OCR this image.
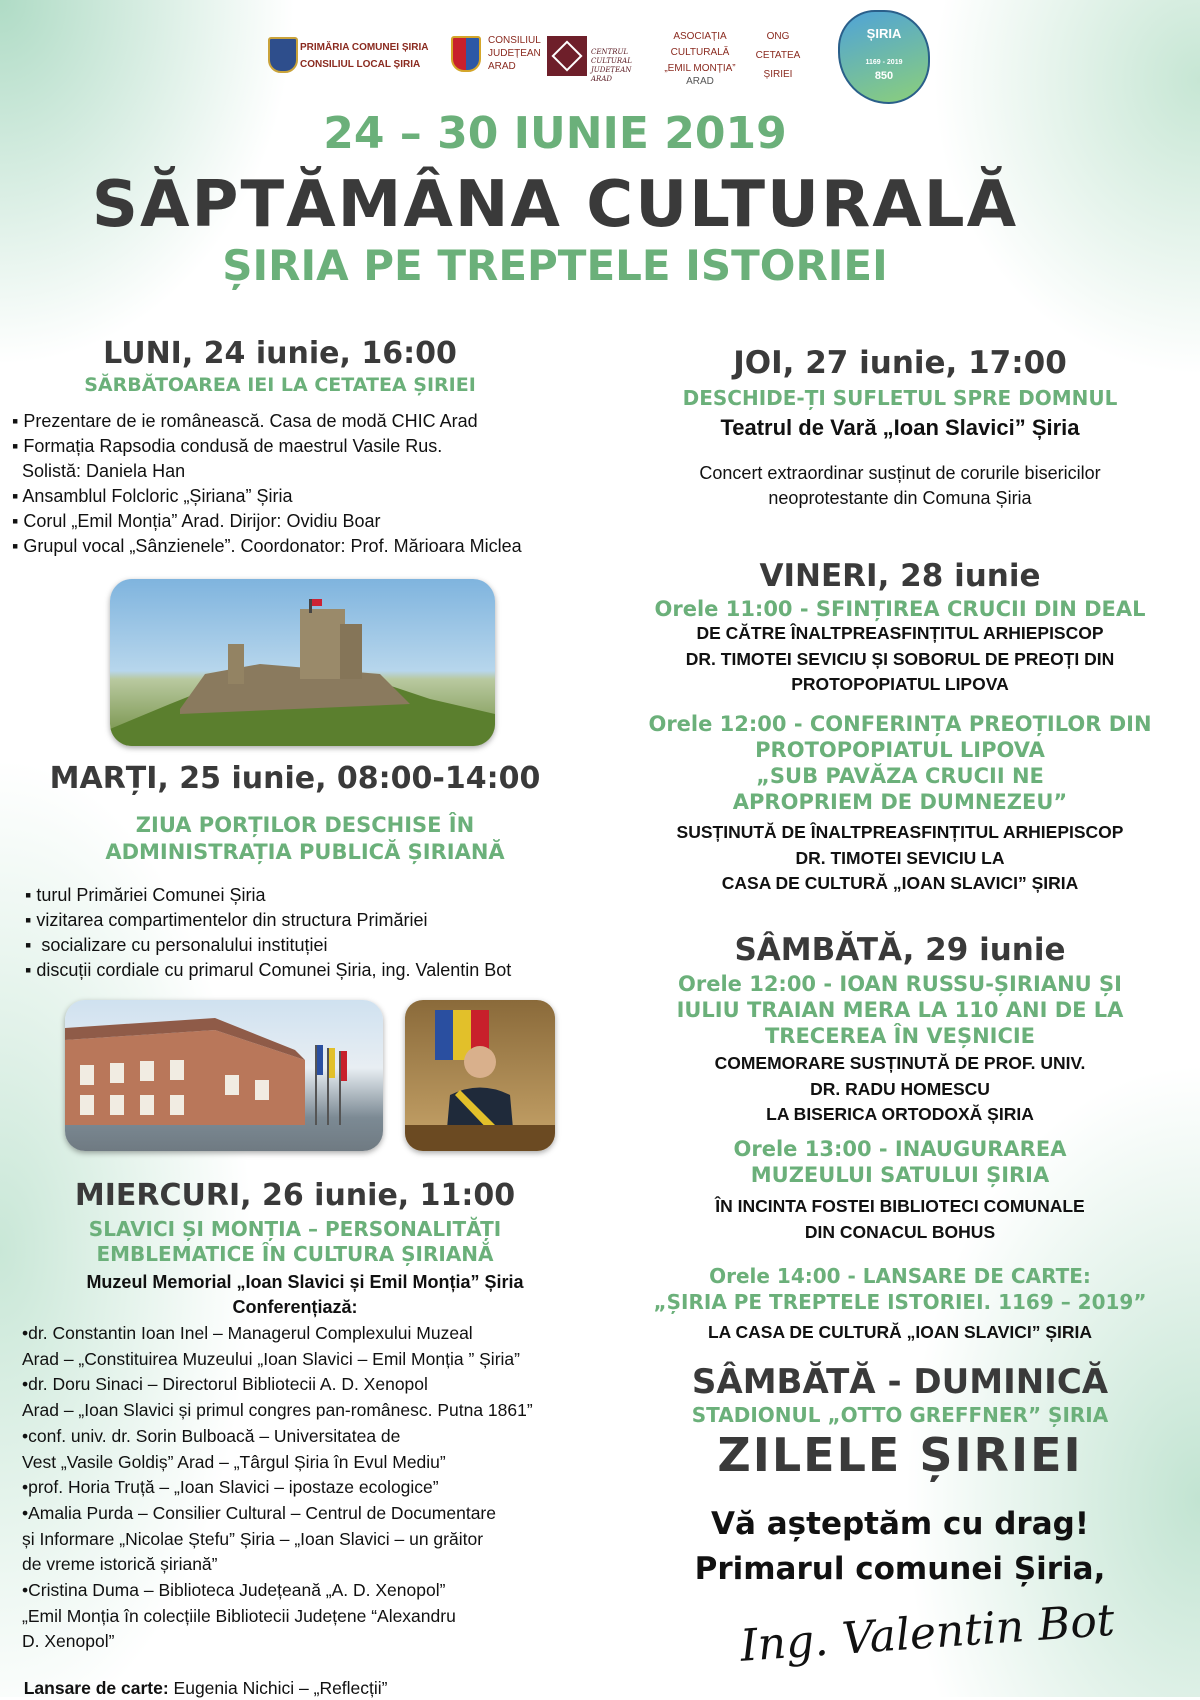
PRIMĂRIA COMUNEI ȘIRIA
CONSILIUL LOCAL ȘIRIA
CONSILIUL
JUDEȚEAN
ARAD
CENTRUL CULTURAL JUDEȚEAN ARAD
ASOCIAȚIA
CULTURALĂ
„EMIL MONȚIA”
ARAD
ONG
CETATEA
ȘIRIEI
ȘIRIA
1169 - 2019
850
24 – 30 IUNIE 2019
SĂPTĂMÂNA CULTURALĂ
ȘIRIA PE TREPTELE ISTORIEI
LUNI, 24 iunie, 16:00
SĂRBĂTOAREA IEI LA CETATEA ȘIRIEI
▪ Prezentare de ie românească. Casa de modă CHIC Arad
▪ Formația Rapsodia condusă de maestrul Vasile Rus.
Solistă: Daniela Han
▪ Ansamblul Folcloric „Șiriana” Șiria
▪ Corul „Emil Monția” Arad. Dirijor: Ovidiu Boar
▪ Grupul vocal „Sânzienele”. Coordonator: Prof. Mărioara Miclea
MARȚI, 25 iunie, 08:00-14:00
ZIUA PORȚILOR DESCHISE ÎN
ADMINISTRAȚIA PUBLICĂ ȘIRIANĂ
▪ turul Primăriei Comunei Șiria
▪ vizitarea compartimentelor din structura Primăriei
▪  socializare cu personalului instituției
▪ discuții cordiale cu primarul Comunei Șiria, ing. Valentin Bot
MIERCURI, 26 iunie, 11:00
SLAVICI ȘI MONȚIA – PERSONALITĂȚI
EMBLEMATICE ÎN CULTURA ȘIRIANĂ
Muzeul Memorial „Ioan Slavici și Emil Monția” Șiria
Conferențiază:
•dr. Constantin Ioan Inel – Managerul Complexului Muzeal
Arad – „Constituirea Muzeului „Ioan Slavici – Emil Monția ” Șiria”
•dr. Doru Sinaci – Directorul Bibliotecii A. D. Xenopol
Arad – „Ioan Slavici și primul congres pan-românesc. Putna 1861”
•conf. univ. dr. Sorin Bulboacă – Universitatea de
Vest „Vasile Goldiș” Arad – „Târgul Șiria în Evul Mediu”
•prof. Horia Truță – „Ioan Slavici – ipostaze ecologice”
•Amalia Purda – Consilier Cultural – Centrul de Documentare
și Informare „Nicolae Ștefu” Șiria – „Ioan Slavici – un grăitor
de vreme istorică șiriană”
•Cristina Duma – Biblioteca Județeană „A. D. Xenopol”
„Emil Monția în colecțiile Bibliotecii Județene “Alexandru
D. Xenopol”

Lansare de carte: Eugenia Nichici – „Reflecții”

JOI, 27 iunie, 17:00
DESCHIDE-ȚI SUFLETUL SPRE DOMNUL
Teatrul de Vară „Ioan Slavici” Șiria
Concert extraordinar susținut de corurile bisericilor
neoprotestante din Comuna Șiria
VINERI, 28 iunie
Orele 11:00 - SFINȚIREA CRUCII DIN DEAL
DE CĂTRE ÎNALTPREASFINȚITUL ARHIEPISCOP
DR. TIMOTEI SEVICIU ȘI SOBORUL DE PREOȚI DIN
PROTOPOPIATUL LIPOVA
Orele 12:00 - CONFERINȚA PREOȚILOR DIN
PROTOPOPIATUL LIPOVA
„SUB PAVĂZA CRUCII NE
APROPRIEM DE DUMNEZEU”
SUSȚINUTĂ DE ÎNALTPREASFINȚITUL ARHIEPISCOP
DR. TIMOTEI SEVICIU LA
CASA DE CULTURĂ „IOAN SLAVICI” ȘIRIA
SÂMBĂTĂ, 29 iunie
Orele 12:00 - IOAN RUSSU-ȘIRIANU ȘI
IULIU TRAIAN MERA LA 110 ANI DE LA
TRECEREA ÎN VEȘNICIE
COMEMORARE SUSȚINUTĂ DE PROF. UNIV.
DR. RADU HOMESCU
LA BISERICA ORTODOXĂ ȘIRIA
Orele 13:00 - INAUGURAREA
MUZEULUI SATULUI ȘIRIA
ÎN INCINTA FOSTEI BIBLIOTECI COMUNALE
DIN CONACUL BOHUS
Orele 14:00 - LANSARE DE CARTE:
„ȘIRIA PE TREPTELE ISTORIEI. 1169 – 2019”
LA CASA DE CULTURĂ „IOAN SLAVICI” ȘIRIA
SÂMBĂTĂ - DUMINICĂ
STADIONUL „OTTO GREFFNER” ȘIRIA
ZILELE ȘIRIEI
Vă așteptăm cu drag!
Primarul comunei Șiria,
Ing. Valentin Bot
